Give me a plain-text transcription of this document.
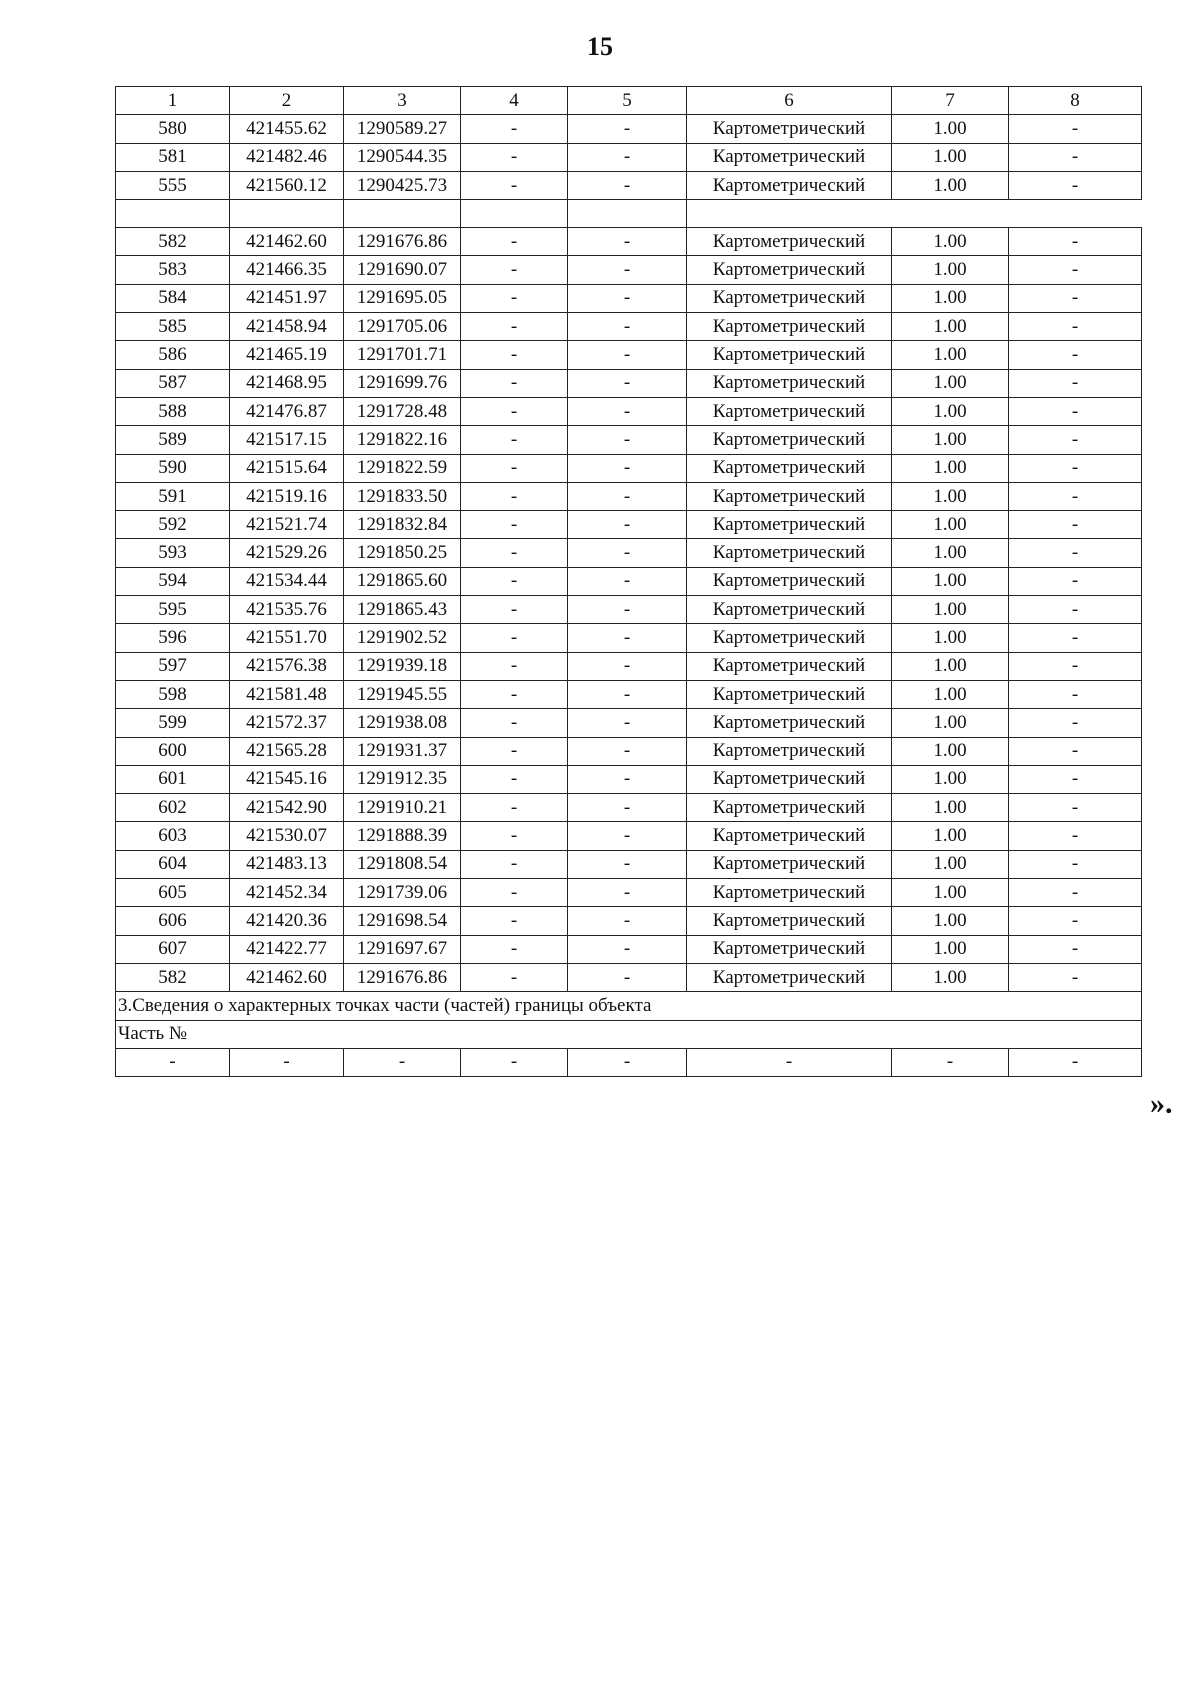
15
1	2	3	4	5	6	7	8
580	421455.62	1290589.27	-	-	Картометрический	1.00	-
581	421482.46	1290544.35	-	-	Картометрический	1.00	-
555	421560.12	1290425.73	-	-	Картометрический	1.00	-

582	421462.60	1291676.86	-	-	Картометрический	1.00	-
583	421466.35	1291690.07	-	-	Картометрический	1.00	-
584	421451.97	1291695.05	-	-	Картометрический	1.00	-
585	421458.94	1291705.06	-	-	Картометрический	1.00	-
586	421465.19	1291701.71	-	-	Картометрический	1.00	-
587	421468.95	1291699.76	-	-	Картометрический	1.00	-
588	421476.87	1291728.48	-	-	Картометрический	1.00	-
589	421517.15	1291822.16	-	-	Картометрический	1.00	-
590	421515.64	1291822.59	-	-	Картометрический	1.00	-
591	421519.16	1291833.50	-	-	Картометрический	1.00	-
592	421521.74	1291832.84	-	-	Картометрический	1.00	-
593	421529.26	1291850.25	-	-	Картометрический	1.00	-
594	421534.44	1291865.60	-	-	Картометрический	1.00	-
595	421535.76	1291865.43	-	-	Картометрический	1.00	-
596	421551.70	1291902.52	-	-	Картометрический	1.00	-
597	421576.38	1291939.18	-	-	Картометрический	1.00	-
598	421581.48	1291945.55	-	-	Картометрический	1.00	-
599	421572.37	1291938.08	-	-	Картометрический	1.00	-
600	421565.28	1291931.37	-	-	Картометрический	1.00	-
601	421545.16	1291912.35	-	-	Картометрический	1.00	-
602	421542.90	1291910.21	-	-	Картометрический	1.00	-
603	421530.07	1291888.39	-	-	Картометрический	1.00	-
604	421483.13	1291808.54	-	-	Картометрический	1.00	-
605	421452.34	1291739.06	-	-	Картометрический	1.00	-
606	421420.36	1291698.54	-	-	Картометрический	1.00	-
607	421422.77	1291697.67	-	-	Картометрический	1.00	-
582	421462.60	1291676.86	-	-	Картометрический	1.00	-
3.Сведения о характерных точках части (частей) границы объекта							
Часть №							
-	-	-	-	-	-	-	-
».
